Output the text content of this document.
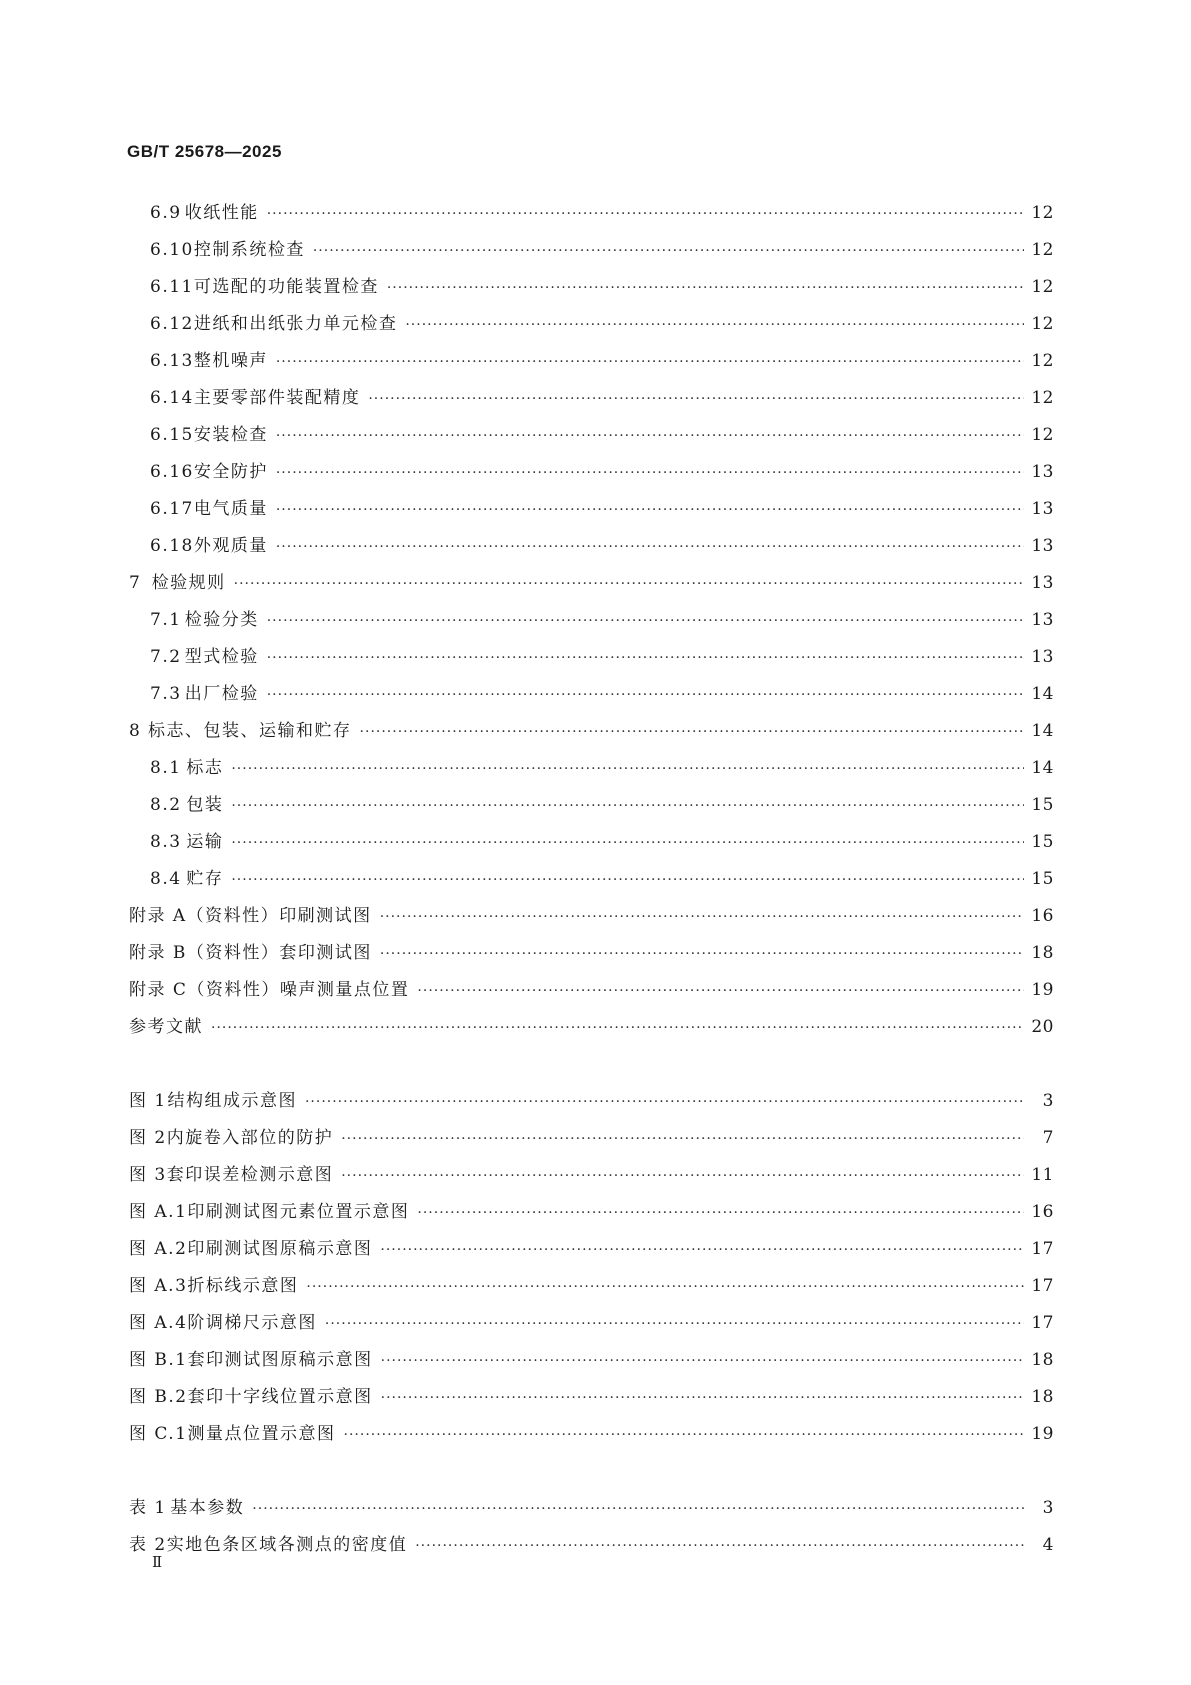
GB/T 25678—2025
6.9 收纸性能 ·····	12
6.10 控制系统检查 ·····	12
6.11 可选配的功能装置检查 ·····	12
6.12 进纸和出纸张力单元检查 ·····	12
6.13 整机噪声 ·····	12
6.14 主要零部件装配精度 ·····	12
6.15 安装检查 ·····	12
6.16 安全防护 ·····	13
6.17 电气质量 ·····	13
6.18 外观质量 ·····	13
7 检验规则 ·····	13
7.1 检验分类 ·····	13
7.2 型式检验 ·····	13
7.3 出厂检验 ·····	14
8 标志、包装、运输和贮存 ·····	14
8.1 标志 ·····	14
8.2 包装 ·····	15
8.3 运输 ·····	15
8.4 贮存 ·····	15
附录 A（资料性） 印刷测试图 ·····	16
附录 B（资料性） 套印测试图 ·····	18
附录 C（资料性） 噪声测量点位置 ·····	19
参考文献 ·····	20
图 1 结构组成示意图 ·····	3
图 2 内旋卷入部位的防护 ·····	7
图 3 套印误差检测示意图 ·····	11
图 A.1 印刷测试图元素位置示意图 ·····	16
图 A.2 印刷测试图原稿示意图 ·····	17
图 A.3 折标线示意图 ·····	17
图 A.4 阶调梯尺示意图 ·····	17
图 B.1 套印测试图原稿示意图 ·····	18
图 B.2 套印十字线位置示意图 ·····	18
图 C.1 测量点位置示意图 ·····	19
表 1 基本参数 ·····	3
表 2 实地色条区域各测点的密度值 ·····	4
Ⅱ
